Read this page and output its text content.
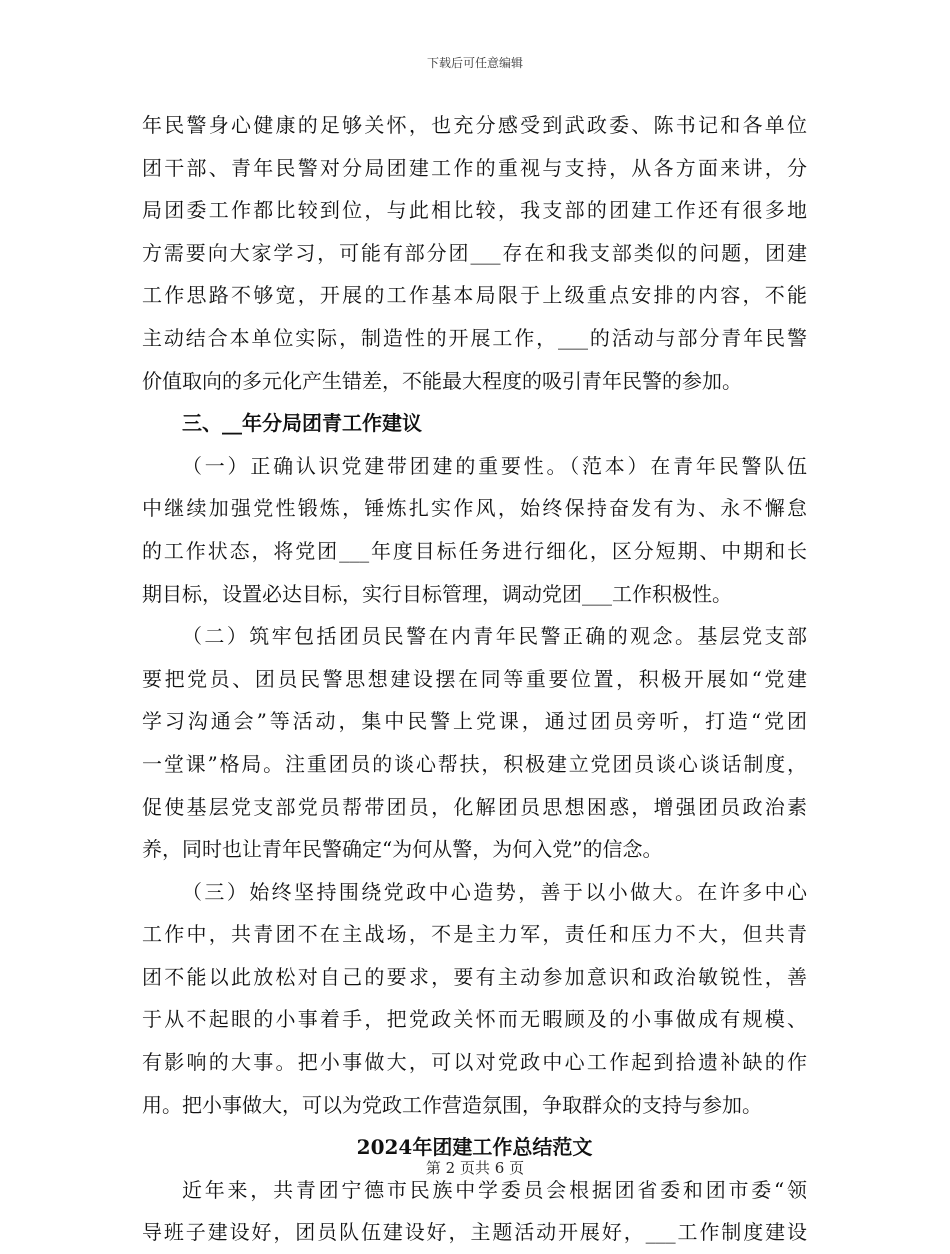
下载后可任意编辑
年民警身心健康的足够关怀，也充分感受到武政委、陈书记和各单位
团干部、青年民警对分局团建工作的重视与支持，从各方面来讲，分
局团委工作都比较到位，与此相比较，我支部的团建工作还有很多地
方需要向大家学习，可能有部分团___存在和我支部类似的问题，团建
工作思路不够宽，开展的工作基本局限于上级重点安排的内容，不能
主动结合本单位实际，制造性的开展工作，___的活动与部分青年民警
价值取向的多元化产生错差，不能最大程度的吸引青年民警的参加。
三、__年分局团青工作建议
（一）正确认识党建带团建的重要性。（范本）在青年民警队伍
中继续加强党性锻炼，锤炼扎实作风，始终保持奋发有为、永不懈怠
的工作状态，将党团___年度目标任务进行细化，区分短期、中期和长
期目标，设置必达目标，实行目标管理，调动党团___工作积极性。
（二）筑牢包括团员民警在内青年民警正确的观念。基层党支部
要把党员、团员民警思想建设摆在同等重要位置，积极开展如“党建
学习沟通会”等活动，集中民警上党课，通过团员旁听，打造“党团
一堂课”格局。注重团员的谈心帮扶，积极建立党团员谈心谈话制度，
促使基层党支部党员帮带团员，化解团员思想困惑，增强团员政治素
养，同时也让青年民警确定“为何从警，为何入党”的信念。
（三）始终坚持围绕党政中心造势，善于以小做大。在许多中心
工作中，共青团不在主战场，不是主力军，责任和压力不大，但共青
团不能以此放松对自己的要求，要有主动参加意识和政治敏锐性，善
于从不起眼的小事着手，把党政关怀而无暇顾及的小事做成有规模、
有影响的大事。把小事做大，可以对党政中心工作起到拾遗补缺的作
用。把小事做大，可以为党政工作营造氛围，争取群众的支持与参加。
2024年团建工作总结范文
近年来，共青团宁德市民族中学委员会根据团省委和团市委“领
导班子建设好，团员队伍建设好，主题活动开展好，___工作制度建设
第 2 页共 6 页
